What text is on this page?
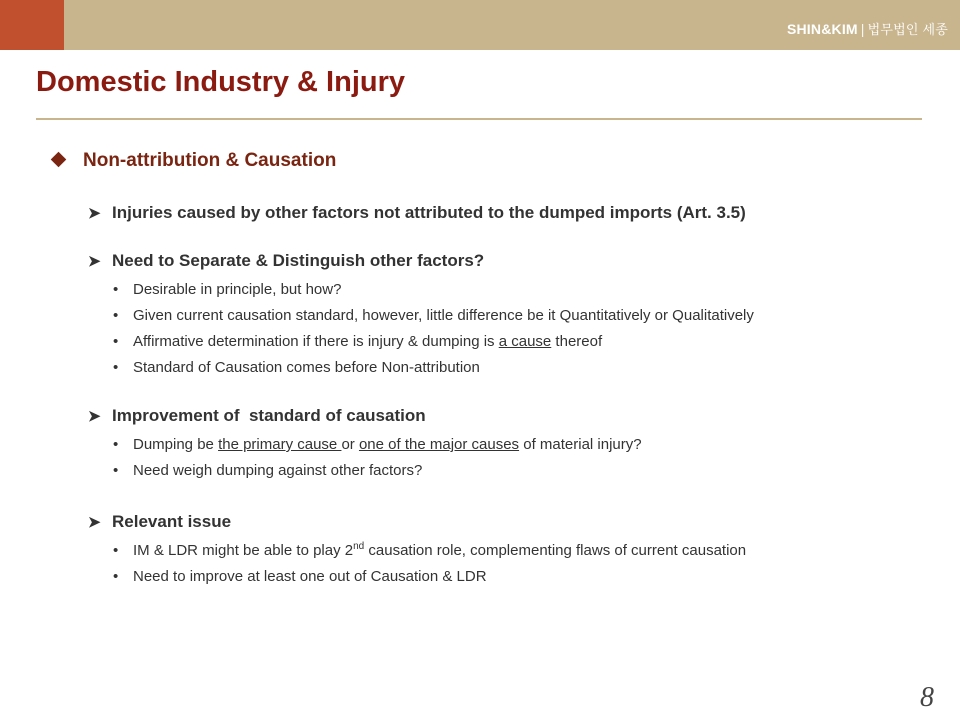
SHIN&KIM | 법무법인 세종
Domestic Industry & Injury
Non-attribution & Causation
➤ Injuries caused by other factors not attributed to the dumped imports (Art. 3.5)
➤ Need to Separate & Distinguish other factors?
• Desirable in principle, but how?
• Given current causation standard, however, little difference be it Quantitatively or Qualitatively
• Affirmative determination if there is injury & dumping is a cause thereof
• Standard of Causation comes before Non-attribution
➤ Improvement of  standard of causation
• Dumping be the primary cause or one of the major causes of material injury?
• Need weigh dumping against other factors?
➤ Relevant issue
• IM & LDR might be able to play 2nd causation role, complementing flaws of current causation
• Need to improve at least one out of Causation & LDR
8
